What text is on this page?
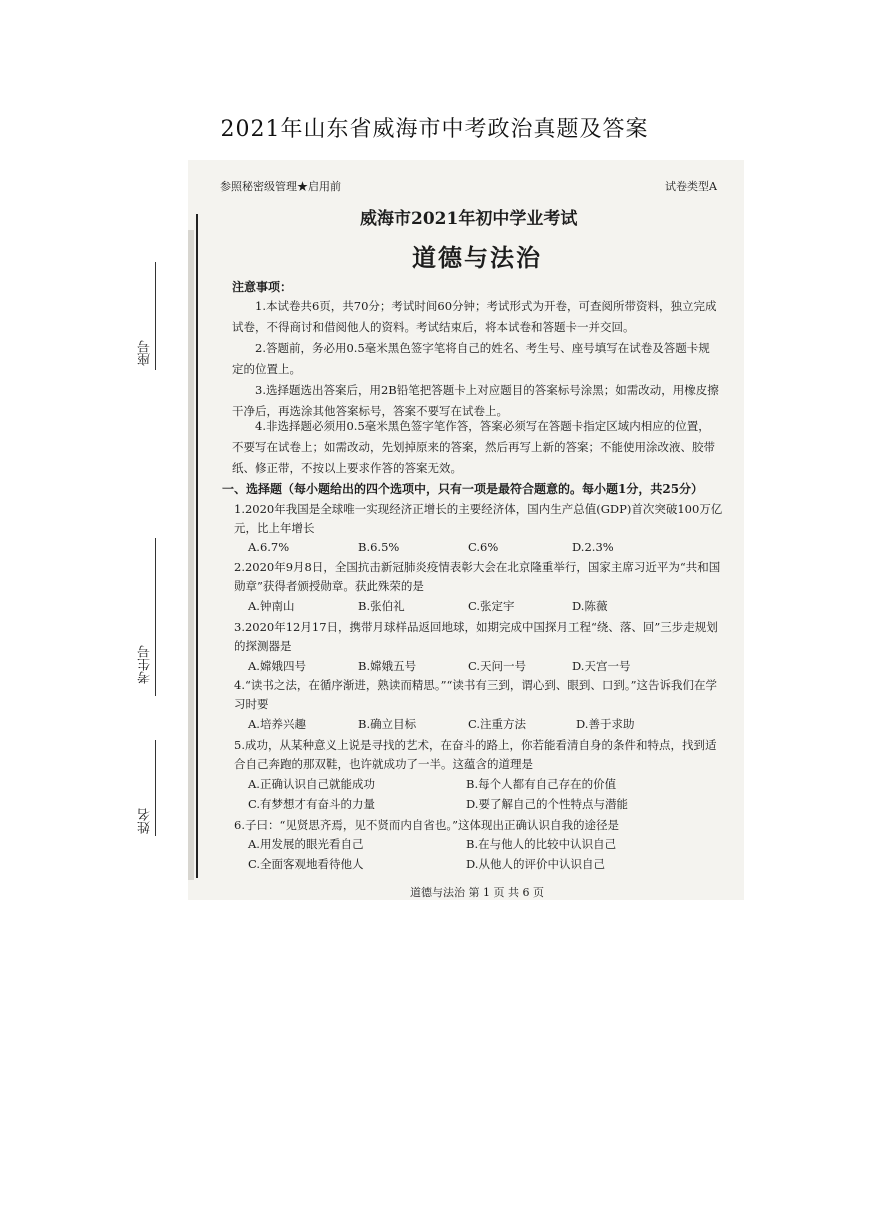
2021年山东省威海市中考政治真题及答案
参照秘密级管理★启用前	试卷类型A
威海市2021年初中学业考试
道德与法治
座号
考生号
姓名
注意事项：
1.本试卷共6页，共70分；考试时间60分钟；考试形式为开卷，可查阅所带资料，独立完成试卷，不得商讨和借阅他人的资料。考试结束后，将本试卷和答题卡一并交回。
2.答题前，务必用0.5毫米黑色签字笔将自己的姓名、考生号、座号填写在试卷及答题卡规定的位置上。
3.选择题选出答案后，用2B铅笔把答题卡上对应题目的答案标号涂黑；如需改动，用橡皮擦干净后，再选涂其他答案标号，答案不要写在试卷上。
4.非选择题必须用0.5毫米黑色签字笔作答，答案必须写在答题卡指定区域内相应的位置，不要写在试卷上；如需改动，先划掉原来的答案，然后再写上新的答案；不能使用涂改液、胶带纸、修正带，不按以上要求作答的答案无效。
一、选择题（每小题给出的四个选项中，只有一项是最符合题意的。每小题1分，共25分）
1.2020年我国是全球唯一实现经济正增长的主要经济体，国内生产总值(GDP)首次突破100万亿元，比上年增长
A.6.7%	B.6.5%	C.6%	D.2.3%
2.2020年9月8日，全国抗击新冠肺炎疫情表彰大会在北京隆重举行，国家主席习近平为“共和国勋章”获得者颁授勋章。获此殊荣的是
A.钟南山	B.张伯礼	C.张定宇	D.陈薇
3.2020年12月17日，携带月球样品返回地球，如期完成中国探月工程“绕、落、回”三步走规划的探测器是
A.嫦娥四号	B.嫦娥五号	C.天问一号	D.天宫一号
4.“读书之法，在循序渐进，熟读而精思。”“读书有三到，谓心到、眼到、口到。”这告诉我们在学习时要
A.培养兴趣	B.确立目标	C.注重方法	D.善于求助
5.成功，从某种意义上说是寻找的艺术，在奋斗的路上，你若能看清自身的条件和特点，找到适合自己奔跑的那双鞋，也许就成功了一半。这蕴含的道理是
A.正确认识自己就能成功	B.每个人都有自己存在的价值
C.有梦想才有奋斗的力量	D.要了解自己的个性特点与潜能
6.子曰：“见贤思齐焉，见不贤而内自省也。”这体现出正确认识自我的途径是
A.用发展的眼光看自己	B.在与他人的比较中认识自己
C.全面客观地看待他人	D.从他人的评价中认识自己
道德与法治 第 1 页 共 6 页
